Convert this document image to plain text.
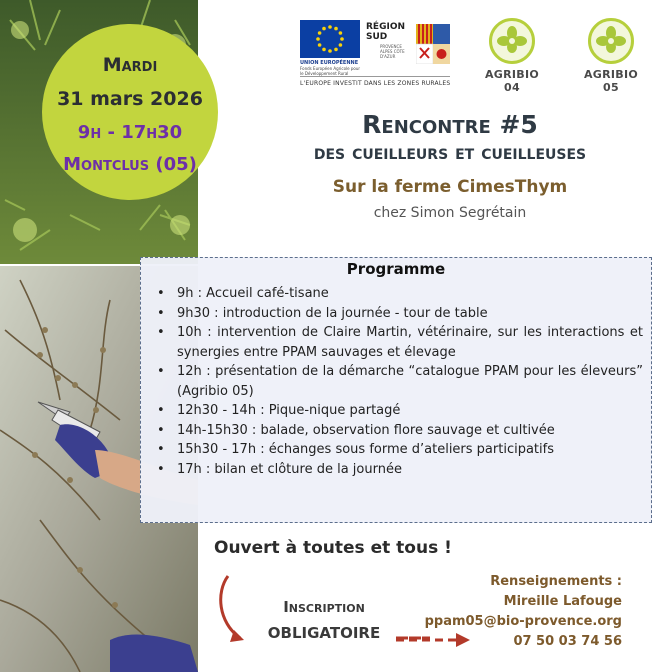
Mardi
31 mars 2026
9h - 17h30
Montclus (05)
UNION EUROPÉENNE
Fonds Européen Agricole pour le Développement Rural
RÉGION SUD
PROVENCE ALPES CÔTE D'AZUR
L'EUROPE INVESTIT DANS LES ZONES RURALES
AGRIBIO 04
AGRIBIO 05
Rencontre #5
des cueilleurs et cueilleuses
Sur la ferme CimesThym
chez Simon Segrétain
Programme
• 9h : Accueil café-tisane
• 9h30 : introduction de la journée - tour de table
• 10h : intervention de Claire Martin, vétérinaire, sur les interactions et synergies entre PPAM sauvages et élevage
• 12h : présentation de la démarche “catalogue PPAM pour les éleveurs” (Agribio 05)
• 12h30 - 14h : Pique-nique partagé
• 14h-15h30 : balade, observation flore sauvage et cultivée
• 15h30 - 17h : échanges sous forme d’ateliers participatifs
• 17h : bilan et clôture de la journée
Ouvert à toutes et tous !
Inscription
OBLIGATOIRE
Renseignements :
Mireille Lafouge
ppam05@bio-provence.org
07 50 03 74 56
